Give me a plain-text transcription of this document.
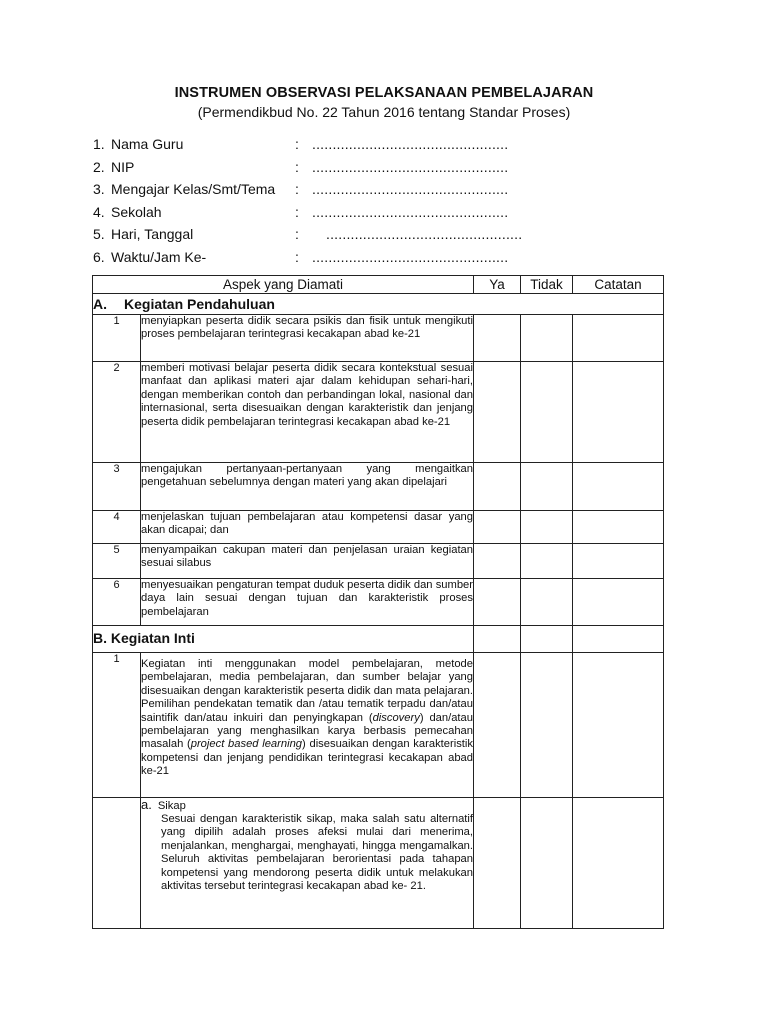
INSTRUMEN OBSERVASI PELAKSANAAN PEMBELAJARAN
(Permendikbud No. 22 Tahun 2016 tentang Standar Proses)
1. Nama Guru	: ................................................
2. NIP	: ................................................
3. Mengajar Kelas/Smt/Tema : ................................................
4. Sekolah	: ................................................
5. Hari, Tanggal	: ................................................
6. Waktu/Jam Ke-	: ................................................
Aspek yang Diamati		Ya	Tidak	Catatan
A. Kegiatan Pendahuluan				
1	menyiapkan peserta didik secara psikis dan fisik untuk mengikuti proses pembelajaran terintegrasi kecakapan abad ke-21			
2	memberi motivasi belajar peserta didik secara kontekstual sesuai manfaat dan aplikasi materi ajar dalam kehidupan sehari-hari, dengan memberikan contoh dan perbandingan lokal, nasional dan internasional, serta disesuaikan dengan karakteristik dan jenjang peserta didik pembelajaran terintegrasi kecakapan abad ke-21			
3	mengajukan pertanyaan-pertanyaan yang mengaitkan pengetahuan sebelumnya dengan materi yang akan dipelajari			
4	menjelaskan tujuan pembelajaran atau kompetensi dasar yang akan dicapai; dan			
5	menyampaikan cakupan materi dan penjelasan uraian kegiatan sesuai silabus			
6	menyesuaikan pengaturan tempat duduk peserta didik dan sumber daya lain sesuai dengan tujuan dan karakteristik proses pembelajaran			
B. Kegiatan Inti				
1	Kegiatan inti menggunakan model pembelajaran, metode pembelajaran, media pembelajaran, dan sumber belajar yang disesuaikan dengan karakteristik peserta didik dan mata pelajaran. Pemilihan pendekatan tematik dan /atau tematik terpadu dan/atau saintifik dan/atau inkuiri dan penyingkapan (discovery) dan/atau pembelajaran yang menghasilkan karya berbasis pemecahan masalah (project based learning) disesuaikan dengan karakteristik kompetensi dan jenjang pendidikan terintegrasi kecakapan abad ke-21			

	a. Sikap
Sesuai dengan karakteristik sikap, maka salah satu alternatif yang dipilih adalah proses afeksi mulai dari menerima, menjalankan, menghargai, menghayati, hingga mengamalkan. Seluruh aktivitas pembelajaran berorientasi pada tahapan kompetensi yang mendorong peserta didik untuk melakukan aktivitas tersebut terintegrasi kecakapan abad ke- 21.			
